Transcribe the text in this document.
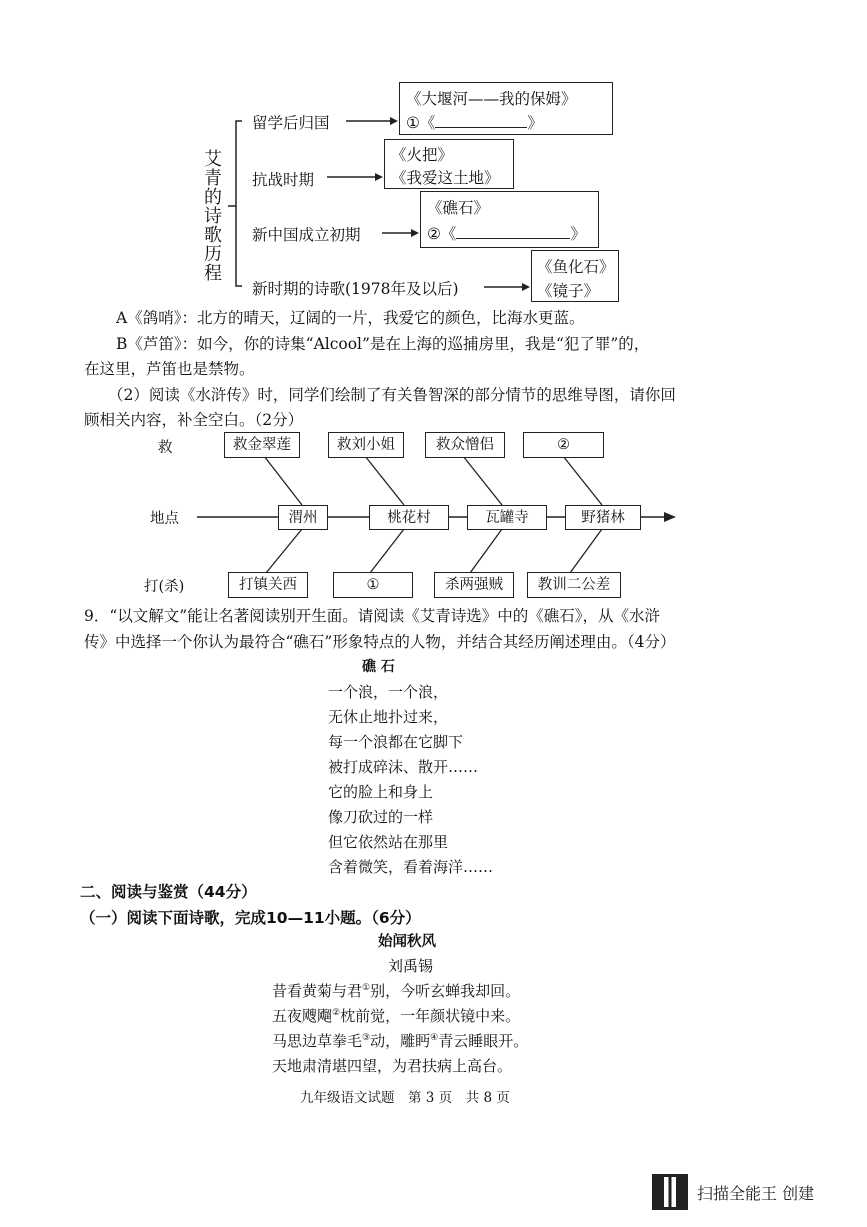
艾青的诗歌历程
留学后归国
抗战时期
新中国成立初期
新时期的诗歌(1978年及以后)
《大堰河——我的保姆》
①《	》
《火把》
《我爱这土地》
《礁石》
②《	》
《鱼化石》
《镜子》
A《鸽哨》：北方的晴天，辽阔的一片，我爱它的颜色，比海水更蓝。
B《芦笛》：如今，你的诗集“Alcool”是在上海的巡捕房里，我是“犯了罪”的，
在这里，芦笛也是禁物。
（2）阅读《水浒传》时，同学们绘制了有关鲁智深的部分情节的思维导图，请你回
顾相关内容，补全空白。（2分）
救
地点
打(杀)
救金翠莲	救刘小姐	救众憎侣	②
渭州	桃花村	瓦罐寺	野猪林
打镇关西	①	杀两强贼	教训二公差
9．“以文解文”能让名著阅读别开生面。请阅读《艾青诗选》中的《礁石》，从《水浒
传》中选择一个你认为最符合“礁石”形象特点的人物，并结合其经历阐述理由。（4分）
礁 石
一个浪，一个浪，
无休止地扑过来，
每一个浪都在它脚下
被打成碎沫、散开……
它的脸上和身上
像刀砍过的一样
但它依然站在那里
含着微笑，看着海洋……
二、阅读与鉴赏（44分）
（一）阅读下面诗歌，完成10—11小题。（6分）
始闻秋风
刘禹锡
昔看黄菊与君①别，今听玄蝉我却回。
五夜飕飗②枕前觉，一年颜状镜中来。
马思边草拳毛③动，雕眄④青云睡眼开。
天地肃清堪四望，为君扶病上高台。
九年级语文试题　第 3 页　共 8 页
扫描全能王 创建
